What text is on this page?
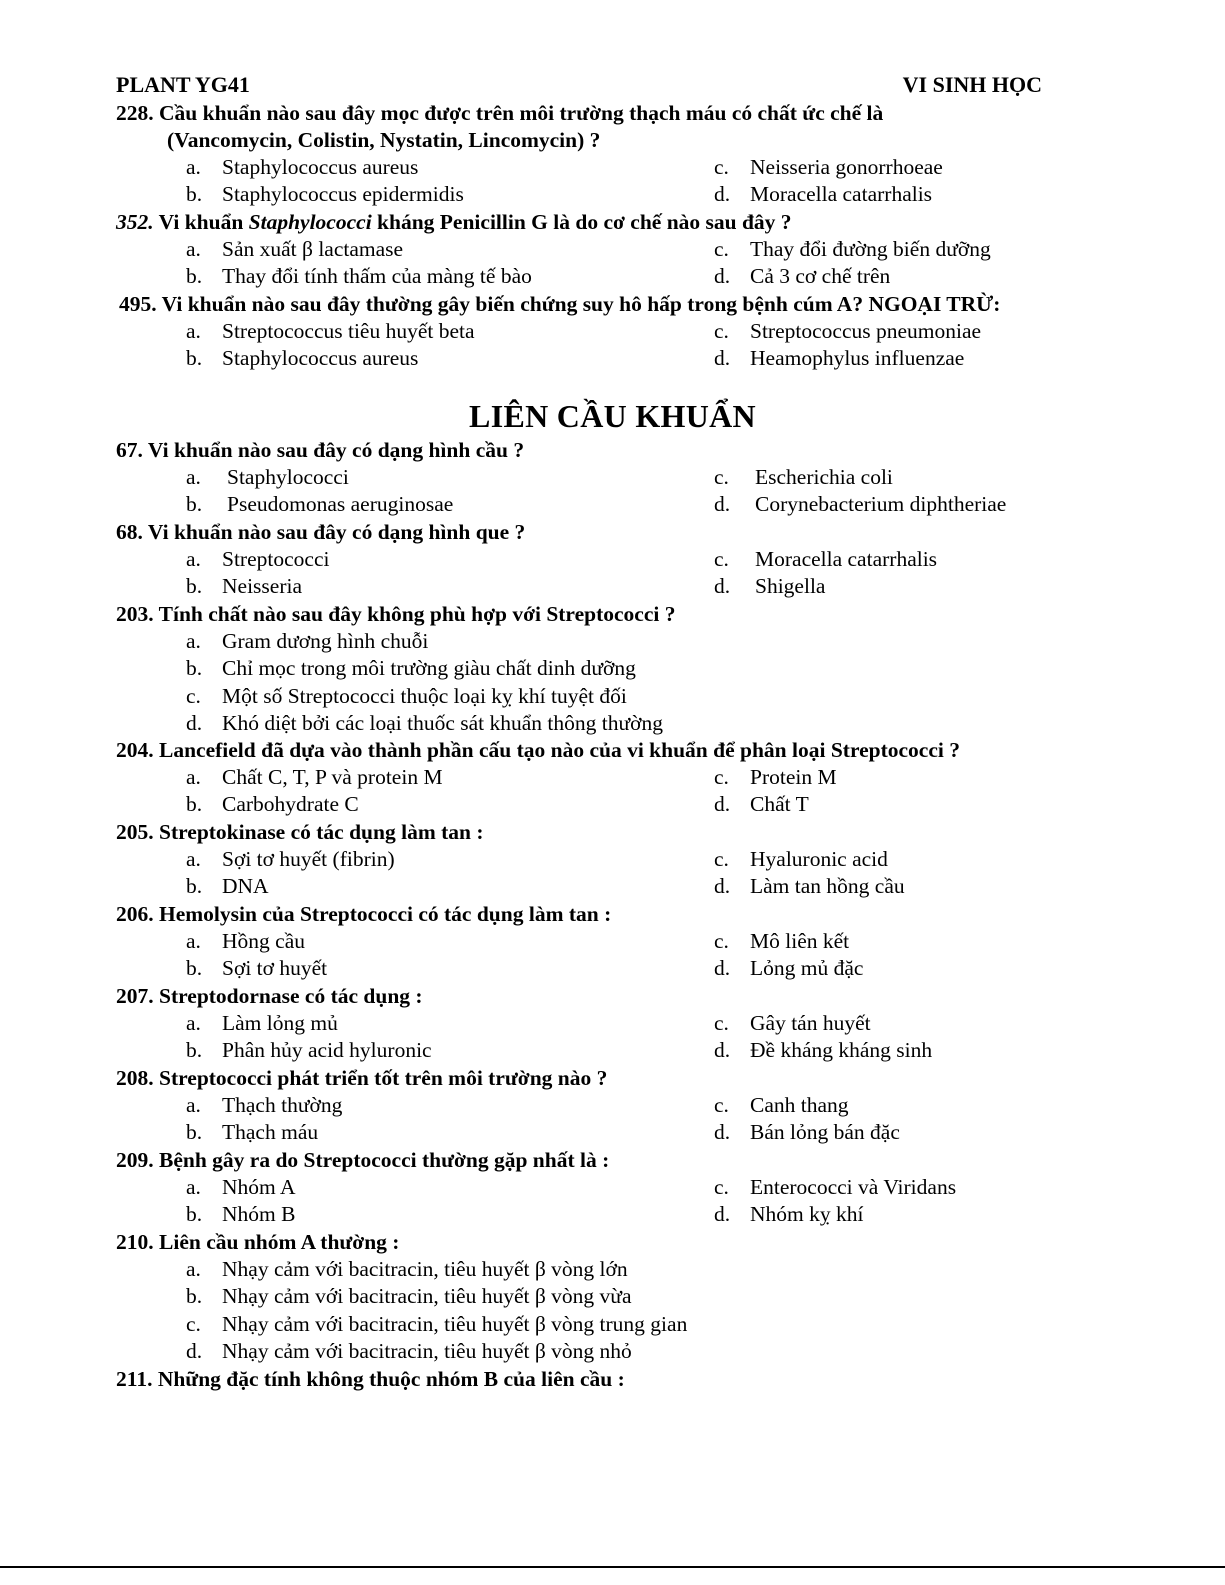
PLANT YG41	VI SINH HỌC
228. Cầu khuẩn nào sau đây mọc được trên môi trường thạch máu có chất ức chế là
(Vancomycin, Colistin, Nystatin, Lincomycin) ?
a. Staphylococcus aureus	c. Neisseria gonorrhoeae
b. Staphylococcus epidermidis	d. Moracella catarrhalis
352. Vi khuẩn Staphylococci kháng Penicillin G là do cơ chế nào sau đây ?
a. Sản xuất β lactamase	c. Thay đổi đường biến dưỡng
b. Thay đổi tính thấm của màng tế bào	d. Cả 3 cơ chế trên
495. Vi khuẩn nào sau đây thường gây biến chứng suy hô hấp trong bệnh cúm A? NGOẠI TRỪ:
a. Streptococcus tiêu huyết beta	c. Streptococcus pneumoniae
b. Staphylococcus aureus	d. Heamophylus influenzae
LIÊN CẦU KHUẨN
67. Vi khuẩn nào sau đây có dạng hình cầu ?
a. Staphylococci	c. Escherichia coli
b. Pseudomonas aeruginosae	d. Corynebacterium diphtheriae
68. Vi khuẩn nào sau đây có dạng hình que ?
a. Streptococci	c. Moracella catarrhalis
b. Neisseria	d. Shigella
203. Tính chất nào sau đây không phù hợp với Streptococci ?
a. Gram dương hình chuỗi
b. Chỉ mọc trong môi trường giàu chất dinh dưỡng
c. Một số Streptococci thuộc loại kỵ khí tuyệt đối
d. Khó diệt bởi các loại thuốc sát khuẩn thông thường
204. Lancefield đã dựa vào thành phần cấu tạo nào của vi khuẩn để phân loại Streptococci ?
a. Chất C, T, P và protein M	c. Protein M
b. Carbohydrate C	d. Chất T
205. Streptokinase có tác dụng làm tan :
a. Sợi tơ huyết (fibrin)	c. Hyaluronic acid
b. DNA	d. Làm tan hồng cầu
206. Hemolysin của Streptococci có tác dụng làm tan :
a. Hồng cầu	c. Mô liên kết
b. Sợi tơ huyết	d. Lỏng mủ đặc
207. Streptodornase có tác dụng :
a. Làm lỏng mủ	c. Gây tán huyết
b. Phân hủy acid hyluronic	d. Đề kháng kháng sinh
208. Streptococci phát triển tốt trên môi trường nào ?
a. Thạch thường	c. Canh thang
b. Thạch máu	d. Bán lỏng bán đặc
209. Bệnh gây ra do Streptococci thường gặp nhất là :
a. Nhóm A	c. Enterococci và Viridans
b. Nhóm B	d. Nhóm kỵ khí
210. Liên cầu nhóm A thường :
a. Nhạy cảm với bacitracin, tiêu huyết β vòng lớn
b. Nhạy cảm với bacitracin, tiêu huyết β vòng vừa
c. Nhạy cảm với bacitracin, tiêu huyết β vòng trung gian
d. Nhạy cảm với bacitracin, tiêu huyết β vòng nhỏ
211. Những đặc tính không thuộc nhóm B của liên cầu :
